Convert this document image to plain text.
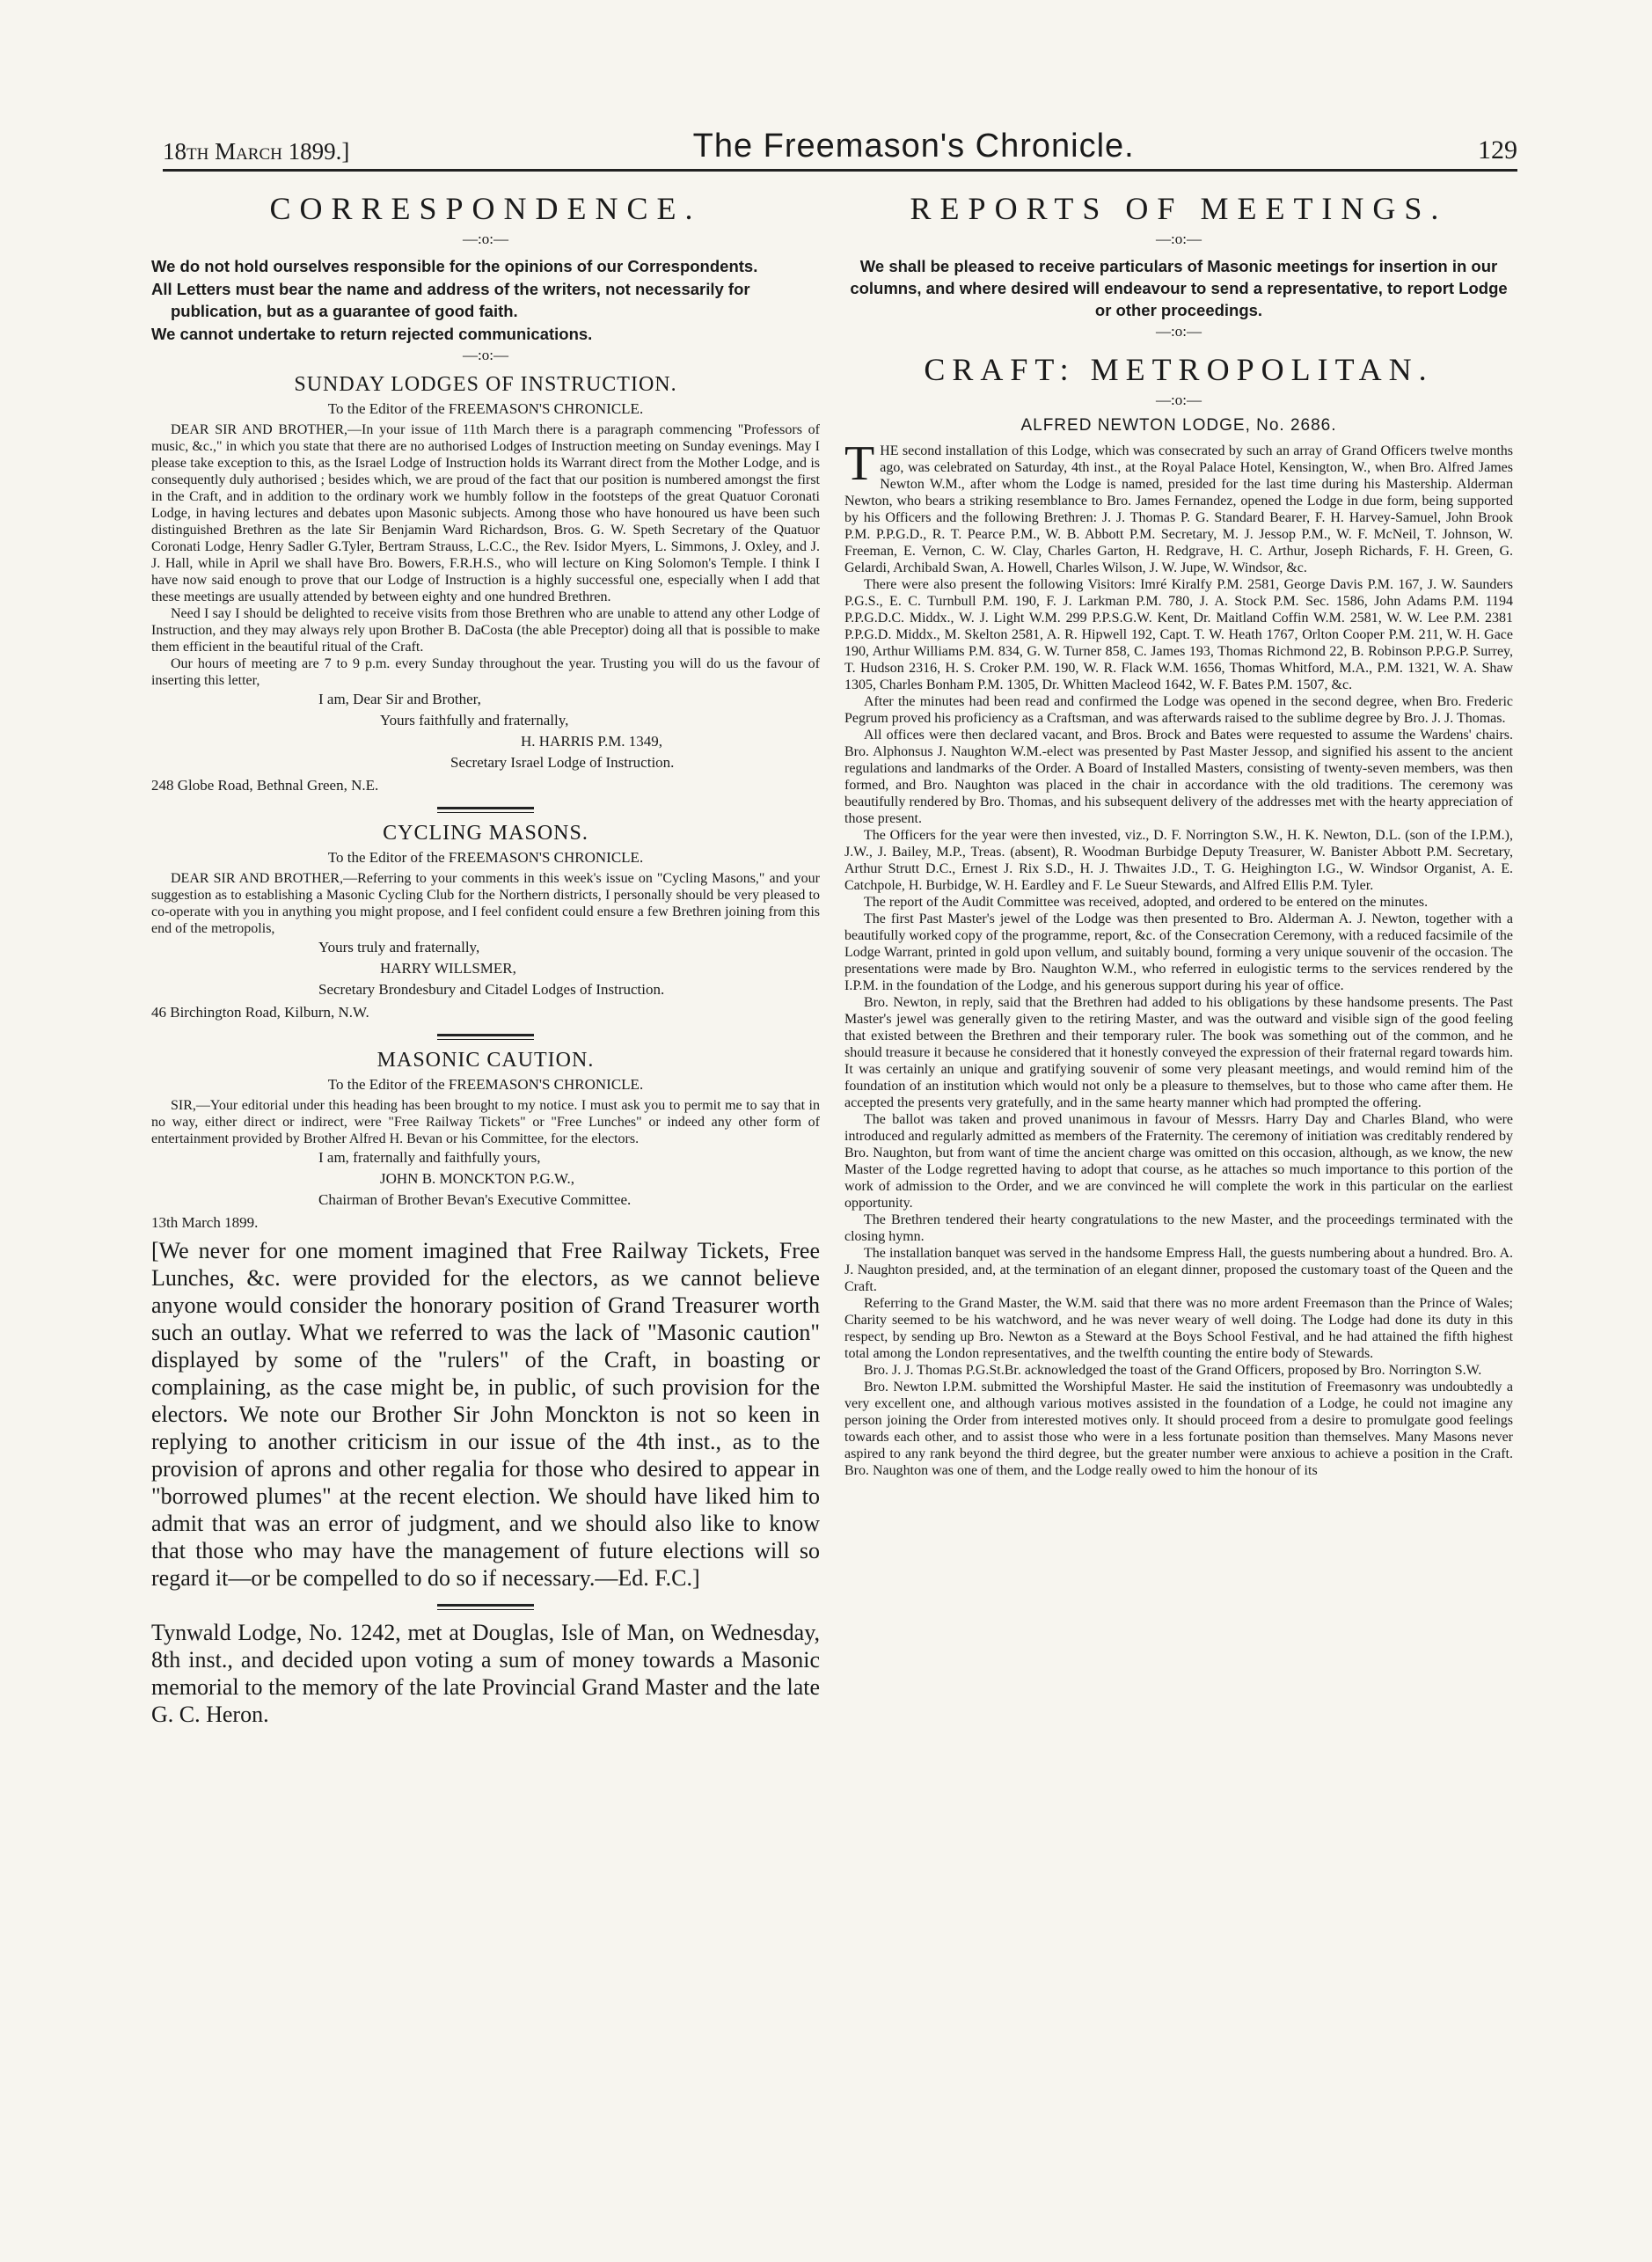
18th March 1899.]	The Freemason's Chronicle.	129
CORRESPONDENCE.
—:o:—

We do not hold ourselves responsible for the opinions of our Correspondents.

All Letters must bear the name and address of the writers, not necessarily for publication, but as a guarantee of good faith.

We cannot undertake to return rejected communications.

—:o:—
SUNDAY LODGES OF INSTRUCTION.
To the Editor of the FREEMASON'S CHRONICLE.

DEAR SIR AND BROTHER,—In your issue of 11th March there is a paragraph commencing "Professors of music, &c.," in which you state that there are no authorised Lodges of Instruction meeting on Sunday evenings. May I please take exception to this, as the Israel Lodge of Instruction holds its Warrant direct from the Mother Lodge, and is consequently duly authorised ; besides which, we are proud of the fact that our position is numbered amongst the first in the Craft, and in addition to the ordinary work we humbly follow in the footsteps of the great Quatuor Coronati Lodge, in having lectures and debates upon Masonic subjects. Among those who have honoured us have been such distinguished Brethren as the late Sir Benjamin Ward Richardson, Bros. G. W. Speth Secretary of the Quatuor Coronati Lodge, Henry Sadler G.Tyler, Bertram Strauss, L.C.C., the Rev. Isidor Myers, L. Simmons, J. Oxley, and J. J. Hall, while in April we shall have Bro. Bowers, F.R.H.S., who will lecture on King Solomon's Temple. I think I have now said enough to prove that our Lodge of Instruction is a highly successful one, especially when I add that these meetings are usually attended by between eighty and one hundred Brethren.

Need I say I should be delighted to receive visits from those Brethren who are unable to attend any other Lodge of Instruction, and they may always rely upon Brother B. DaCosta (the able Preceptor) doing all that is possible to make them efficient in the beautiful ritual of the Craft.

Our hours of meeting are 7 to 9 p.m. every Sunday throughout the year. Trusting you will do us the favour of inserting this letter,

I am, Dear Sir and Brother,
Yours faithfully and fraternally,
H. HARRIS P.M. 1349,
Secretary Israel Lodge of Instruction.
248 Globe Road, Bethnal Green, N.E.
CYCLING MASONS.
To the Editor of the FREEMASON'S CHRONICLE.

DEAR SIR AND BROTHER,—Referring to your comments in this week's issue on "Cycling Masons," and your suggestion as to establishing a Masonic Cycling Club for the Northern districts, I personally should be very pleased to co-operate with you in anything you might propose, and I feel confident could ensure a few Brethren joining from this end of the metropolis,

Yours truly and fraternally,
HARRY WILLSMER,
Secretary Brondesbury and Citadel Lodges of Instruction.
46 Birchington Road, Kilburn, N.W.
MASONIC CAUTION.
To the Editor of the FREEMASON'S CHRONICLE.

SIR,—Your editorial under this heading has been brought to my notice. I must ask you to permit me to say that in no way, either direct or indirect, were "Free Railway Tickets" or "Free Lunches" or indeed any other form of entertainment provided by Brother Alfred H. Bevan or his Committee, for the electors.

I am, fraternally and faithfully yours,
JOHN B. MONCKTON P.G.W.,
Chairman of Brother Bevan's Executive Committee.
13th March 1899.

[We never for one moment imagined that Free Railway Tickets, Free Lunches, &c. were provided for the electors, as we cannot believe anyone would consider the honorary position of Grand Treasurer worth such an outlay. What we referred to was the lack of "Masonic caution" displayed by some of the "rulers" of the Craft, in boasting or complaining, as the case might be, in public, of such provision for the electors. We note our Brother Sir John Monckton is not so keen in replying to another criticism in our issue of the 4th inst., as to the provision of aprons and other regalia for those who desired to appear in "borrowed plumes" at the recent election. We should have liked him to admit that was an error of judgment, and we should also like to know that those who may have the management of future elections will so regard it—or be compelled to do so if necessary.—Ed. F.C.]

Tynwald Lodge, No. 1242, met at Douglas, Isle of Man, on Wednesday, 8th inst., and decided upon voting a sum of money towards a Masonic memorial to the memory of the late Provincial Grand Master and the late G. C. Heron.

REPORTS OF MEETINGS.
—:o:—

We shall be pleased to receive particulars of Masonic meetings for insertion in our columns, and where desired will endeavour to send a representative, to report Lodge or other proceedings.

—:o:—
CRAFT: METROPOLITAN.
—:o:—
ALFRED NEWTON LODGE, No. 2686.

THE second installation of this Lodge, which was consecrated by such an array of Grand Officers twelve months ago, was celebrated on Saturday, 4th inst., at the Royal Palace Hotel, Kensington, W., when Bro. Alfred James Newton W.M., after whom the Lodge is named, presided for the last time during his Mastership. Alderman Newton, who bears a striking resemblance to Bro. James Fernandez, opened the Lodge in due form, being supported by his Officers and the following Brethren: J. J. Thomas P. G. Standard Bearer, F. H. Harvey-Samuel, John Brook P.M. P.P.G.D., R. T. Pearce P.M., W. B. Abbott P.M. Secretary, M. J. Jessop P.M., W. F. McNeil, T. Johnson, W. Freeman, E. Vernon, C. W. Clay, Charles Garton, H. Redgrave, H. C. Arthur, Joseph Richards, F. H. Green, G. Gelardi, Archibald Swan, A. Howell, Charles Wilson, J. W. Jupe, W. Windsor, &c.

There were also present the following Visitors: Imré Kiralfy P.M. 2581, George Davis P.M. 167, J. W. Saunders P.G.S., E. C. Turnbull P.M. 190, F. J. Larkman P.M. 780, J. A. Stock P.M. Sec. 1586, John Adams P.M. 1194 P.P.G.D.C. Middx., W. J. Light W.M. 299 P.P.S.G.W. Kent, Dr. Maitland Coffin W.M. 2581, W. W. Lee P.M. 2381 P.P.G.D. Middx., M. Skelton 2581, A. R. Hipwell 192, Capt. T. W. Heath 1767, Orlton Cooper P.M. 211, W. H. Gace 190, Arthur Williams P.M. 834, G. W. Turner 858, C. James 193, Thomas Richmond 22, B. Robinson P.P.G.P. Surrey, T. Hudson 2316, H. S. Croker P.M. 190, W. R. Flack W.M. 1656, Thomas Whitford, M.A., P.M. 1321, W. A. Shaw 1305, Charles Bonham P.M. 1305, Dr. Whitten Macleod 1642, W. F. Bates P.M. 1507, &c.

After the minutes had been read and confirmed the Lodge was opened in the second degree, when Bro. Frederic Pegrum proved his proficiency as a Craftsman, and was afterwards raised to the sublime degree by Bro. J. J. Thomas.

All offices were then declared vacant, and Bros. Brock and Bates were requested to assume the Wardens' chairs. Bro. Alphonsus J. Naughton W.M.-elect was presented by Past Master Jessop, and signified his assent to the ancient regulations and landmarks of the Order. A Board of Installed Masters, consisting of twenty-seven members, was then formed, and Bro. Naughton was placed in the chair in accordance with the old traditions. The ceremony was beautifully rendered by Bro. Thomas, and his subsequent delivery of the addresses met with the hearty appreciation of those present.

The Officers for the year were then invested, viz., D. F. Norrington S.W., H. K. Newton, D.L. (son of the I.P.M.), J.W., J. Bailey, M.P., Treas. (absent), R. Woodman Burbidge Deputy Treasurer, W. Banister Abbott P.M. Secretary, Arthur Strutt D.C., Ernest J. Rix S.D., H. J. Thwaites J.D., T. G. Heighington I.G., W. Windsor Organist, A. E. Catchpole, H. Burbidge, W. H. Eardley and F. Le Sueur Stewards, and Alfred Ellis P.M. Tyler.

The report of the Audit Committee was received, adopted, and ordered to be entered on the minutes.

The first Past Master's jewel of the Lodge was then presented to Bro. Alderman A. J. Newton, together with a beautifully worked copy of the programme, report, &c. of the Consecration Ceremony, with a reduced facsimile of the Lodge Warrant, printed in gold upon vellum, and suitably bound, forming a very unique souvenir of the occasion. The presentations were made by Bro. Naughton W.M., who referred in eulogistic terms to the services rendered by the I.P.M. in the foundation of the Lodge, and his generous support during his year of office.

Bro. Newton, in reply, said that the Brethren had added to his obligations by these handsome presents. The Past Master's jewel was generally given to the retiring Master, and was the outward and visible sign of the good feeling that existed between the Brethren and their temporary ruler. The book was something out of the common, and he should treasure it because he considered that it honestly conveyed the expression of their fraternal regard towards him. It was certainly an unique and gratifying souvenir of some very pleasant meetings, and would remind him of the foundation of an institution which would not only be a pleasure to themselves, but to those who came after them. He accepted the presents very gratefully, and in the same hearty manner which had prompted the offering.

The ballot was taken and proved unanimous in favour of Messrs. Harry Day and Charles Bland, who were introduced and regularly admitted as members of the Fraternity. The ceremony of initiation was creditably rendered by Bro. Naughton, but from want of time the ancient charge was omitted on this occasion, although, as we know, the new Master of the Lodge regretted having to adopt that course, as he attaches so much importance to this portion of the work of admission to the Order, and we are convinced he will complete the work in this particular on the earliest opportunity.

The Brethren tendered their hearty congratulations to the new Master, and the proceedings terminated with the closing hymn.

The installation banquet was served in the handsome Empress Hall, the guests numbering about a hundred. Bro. A. J. Naughton presided, and, at the termination of an elegant dinner, proposed the customary toast of the Queen and the Craft.

Referring to the Grand Master, the W.M. said that there was no more ardent Freemason than the Prince of Wales; Charity seemed to be his watchword, and he was never weary of well doing. The Lodge had done its duty in this respect, by sending up Bro. Newton as a Steward at the Boys School Festival, and he had attained the fifth highest total among the London representatives, and the twelfth counting the entire body of Stewards.

Bro. J. J. Thomas P.G.St.Br. acknowledged the toast of the Grand Officers, proposed by Bro. Norrington S.W.

Bro. Newton I.P.M. submitted the Worshipful Master. He said the institution of Freemasonry was undoubtedly a very excellent one, and although various motives assisted in the foundation of a Lodge, he could not imagine any person joining the Order from interested motives only. It should proceed from a desire to promulgate good feelings towards each other, and to assist those who were in a less fortunate position than themselves. Many Masons never aspired to any rank beyond the third degree, but the greater number were anxious to achieve a position in the Craft. Bro. Naughton was one of them, and the Lodge really owed to him the honour of its
